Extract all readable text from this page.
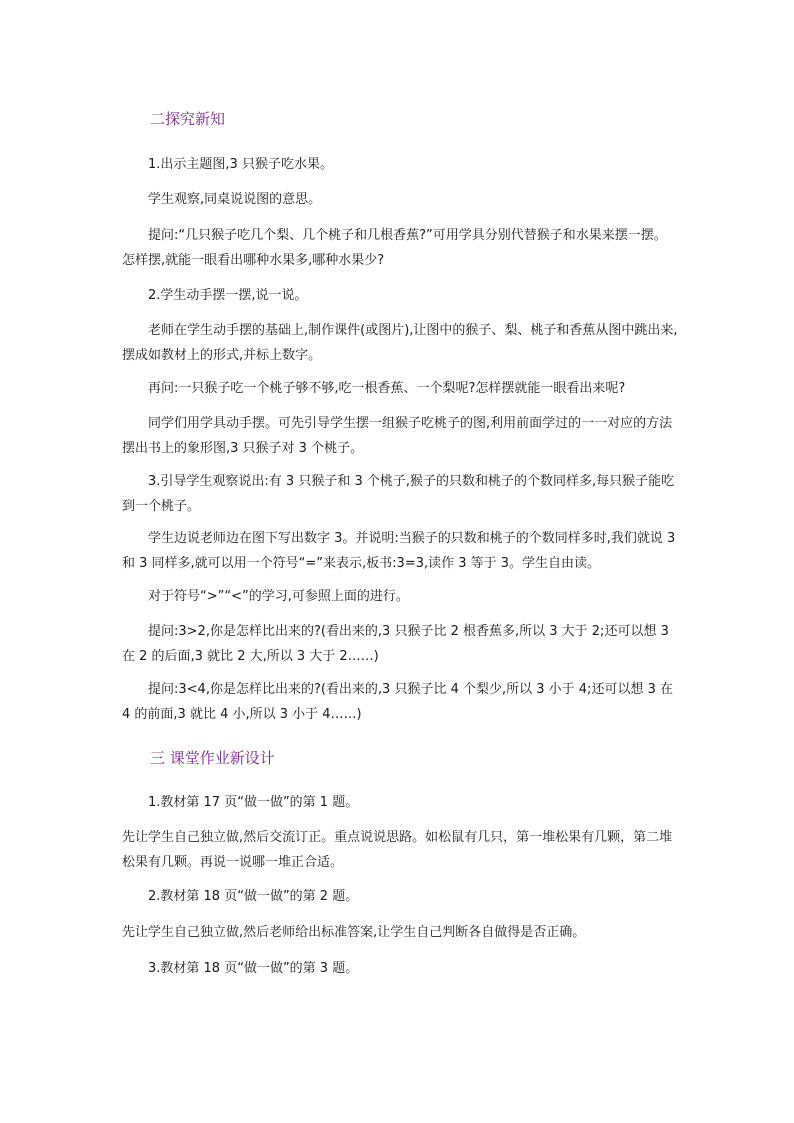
二探究新知

1.出示主题图,3 只猴子吃水果。

学生观察,同桌说说图的意思。

提问:“几只猴子吃几个梨、几个桃子和几根香蕉?”可用学具分别代替猴子和水果来摆一摆。怎样摆,就能一眼看出哪种水果多,哪种水果少?

2.学生动手摆一摆,说一说。

老师在学生动手摆的基础上,制作课件(或图片),让图中的猴子、梨、桃子和香蕉从图中跳出来,摆成如教材上的形式,并标上数字。

再问:一只猴子吃一个桃子够不够,吃一根香蕉、一个梨呢?怎样摆就能一眼看出来呢?

同学们用学具动手摆。可先引导学生摆一组猴子吃桃子的图,利用前面学过的一一对应的方法摆出书上的象形图,3 只猴子对 3 个桃子。

3.引导学生观察说出:有 3 只猴子和 3 个桃子,猴子的只数和桃子的个数同样多,每只猴子能吃到一个桃子。

学生边说老师边在图下写出数字 3。并说明:当猴子的只数和桃子的个数同样多时,我们就说 3 和 3 同样多,就可以用一个符号“=”来表示,板书:3=3,读作 3 等于 3。学生自由读。

对于符号“>”“<”的学习,可参照上面的进行。

提问:3>2,你是怎样比出来的?(看出来的,3 只猴子比 2 根香蕉多,所以 3 大于 2;还可以想 3 在 2 的后面,3 就比 2 大,所以 3 大于 2……)

提问:3<4,你是怎样比出来的?(看出来的,3 只猴子比 4 个梨少,所以 3 小于 4;还可以想 3 在 4 的前面,3 就比 4 小,所以 3 小于 4……)

三 课堂作业新设计

1.教材第 17 页“做一做”的第 1 题。

先让学生自己独立做,然后交流订正。重点说说思路。如松鼠有几只，第一堆松果有几颗，第二堆松果有几颗。再说一说哪一堆正合适。

2.教材第 18 页“做一做”的第 2 题。

先让学生自己独立做,然后老师给出标准答案,让学生自己判断各自做得是否正确。

3.教材第 18 页“做一做”的第 3 题。
